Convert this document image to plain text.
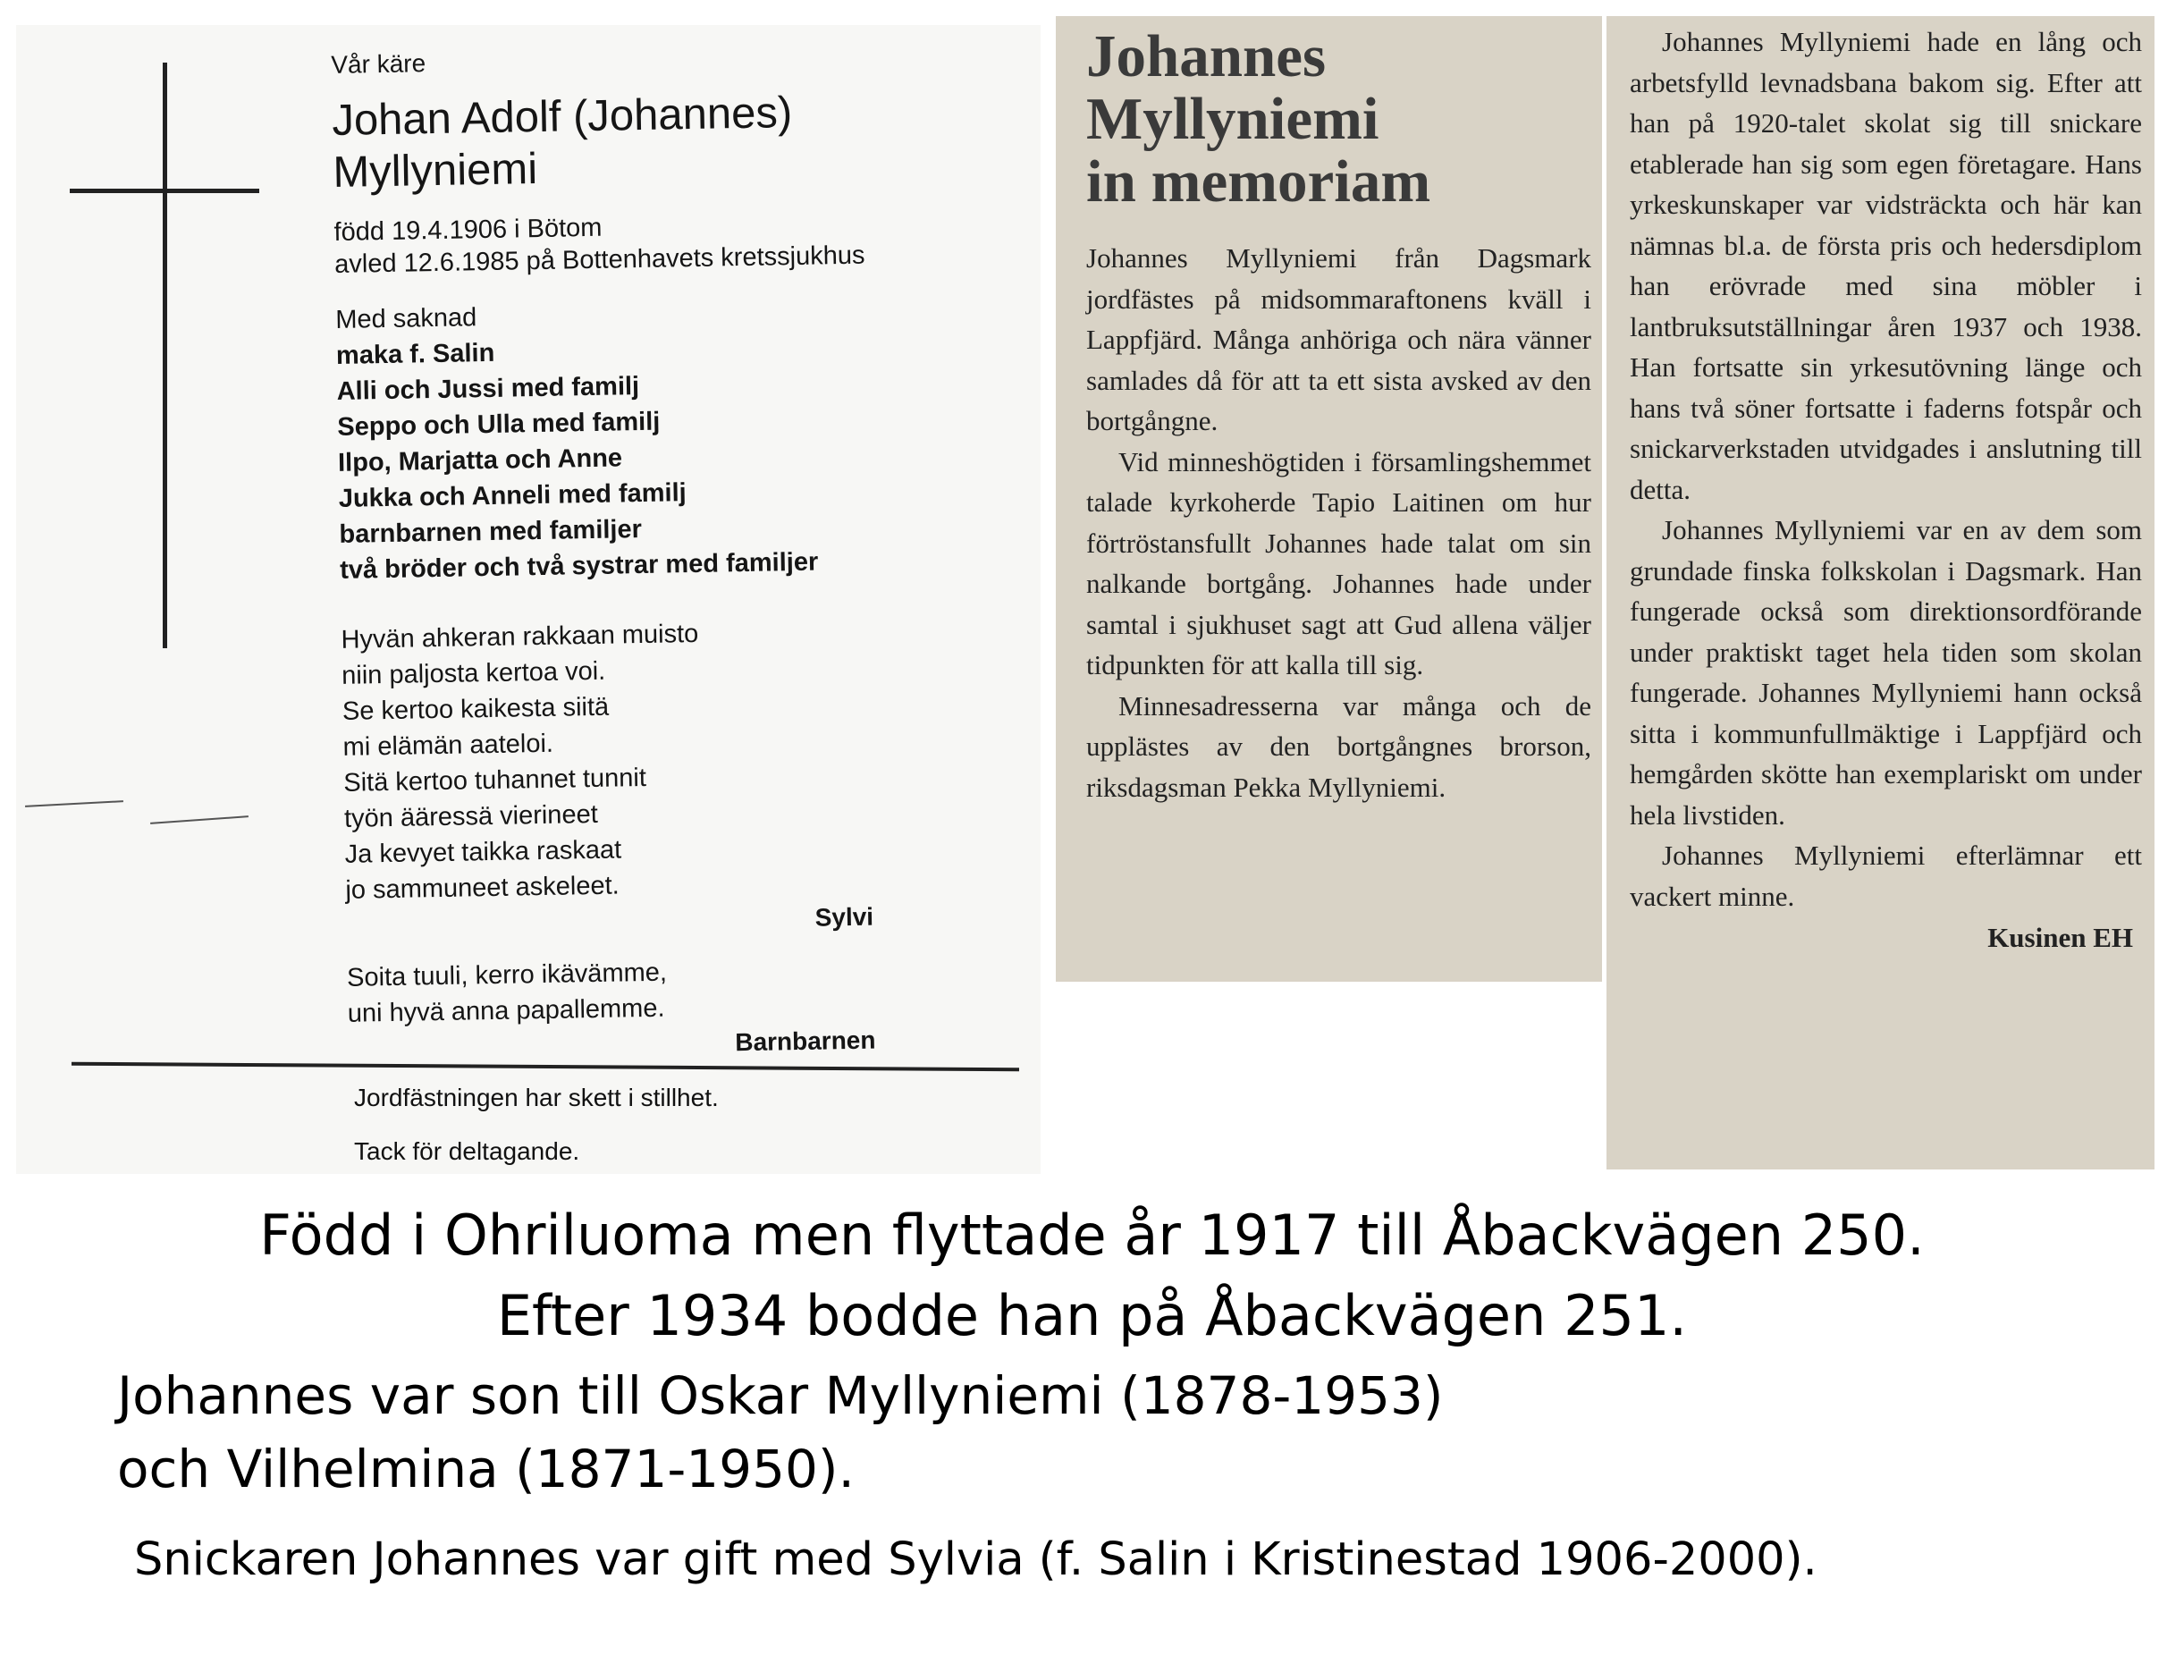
Vår käre

Johan Adolf (Johannes)

Myllyniemi

född 19.4.1906 i Bötom

avled 12.6.1985 på Bottenhavets kretssjukhus

Med saknad

maka f. Salin

Alli och Jussi med familj

Seppo och Ulla med familj

Ilpo, Marjatta och Anne

Jukka och Anneli med familj

barnbarnen med familjer

två bröder och två systrar med familjer

Hyvän ahkeran rakkaan muisto

niin paljosta kertoa voi.

Se kertoo kaikesta siitä

mi elämän aateloi.

Sitä kertoo tuhannet tunnit

työn ääressä vierineet

Ja kevyet taikka raskaat

jo sammuneet askeleet.

Sylvi

Soita tuuli, kerro ikävämme,

uni hyvä anna papallemme.

Barnbarnen

Jordfästningen har skett i stillhet.

Tack för deltagande.

Johannes
Myllyniemi
in memoriam

Johannes Myllyniemi från Dagsmark jordfästes på midsommaraftonens kväll i Lappfjärd. Många anhöriga och nära vänner samlades då för att ta ett sista avsked av den bortgångne.

Vid minneshögtiden i församlingshemmet talade kyrkoherde Tapio Laitinen om hur förtröstansfullt Johannes hade talat om sin nalkande bortgång. Johannes hade under samtal i sjukhuset sagt att Gud allena väljer tidpunkten för att kalla till sig.

Minnesadresserna var många och de upplästes av den bortgångnes brorson, riksdagsman Pekka Myllyniemi.

Johannes Myllyniemi hade en lång och arbetsfylld levnadsbana bakom sig. Efter att han på 1920-talet skolat sig till snickare etablerade han sig som egen företagare. Hans yrkeskunskaper var vidsträckta och här kan nämnas bl.a. de första pris och hedersdiplom han erövrade med sina möbler i lantbruksutställningar åren 1937 och 1938. Han fortsatte sin yrkesutövning länge och hans två söner fortsatte i faderns fotspår och snickarverkstaden utvidgades i anslutning till detta.

Johannes Myllyniemi var en av dem som grundade finska folkskolan i Dagsmark. Han fungerade också som direktionsordförande under praktiskt taget hela tiden som skolan fungerade. Johannes Myllyniemi hann också sitta i kommunfullmäktige i Lappfjärd och hemgården skötte han exemplariskt om under hela livstiden.

Johannes Myllyniemi efterlämnar ett vackert minne.

Kusinen EH

Född i Ohriluoma men flyttade år 1917 till Åbackvägen 250.

Efter 1934 bodde han på Åbackvägen 251.

Johannes var son till Oskar Myllyniemi (1878-1953)

och Vilhelmina (1871-1950).

Snickaren Johannes var gift med Sylvia (f. Salin i Kristinestad 1906-2000).
